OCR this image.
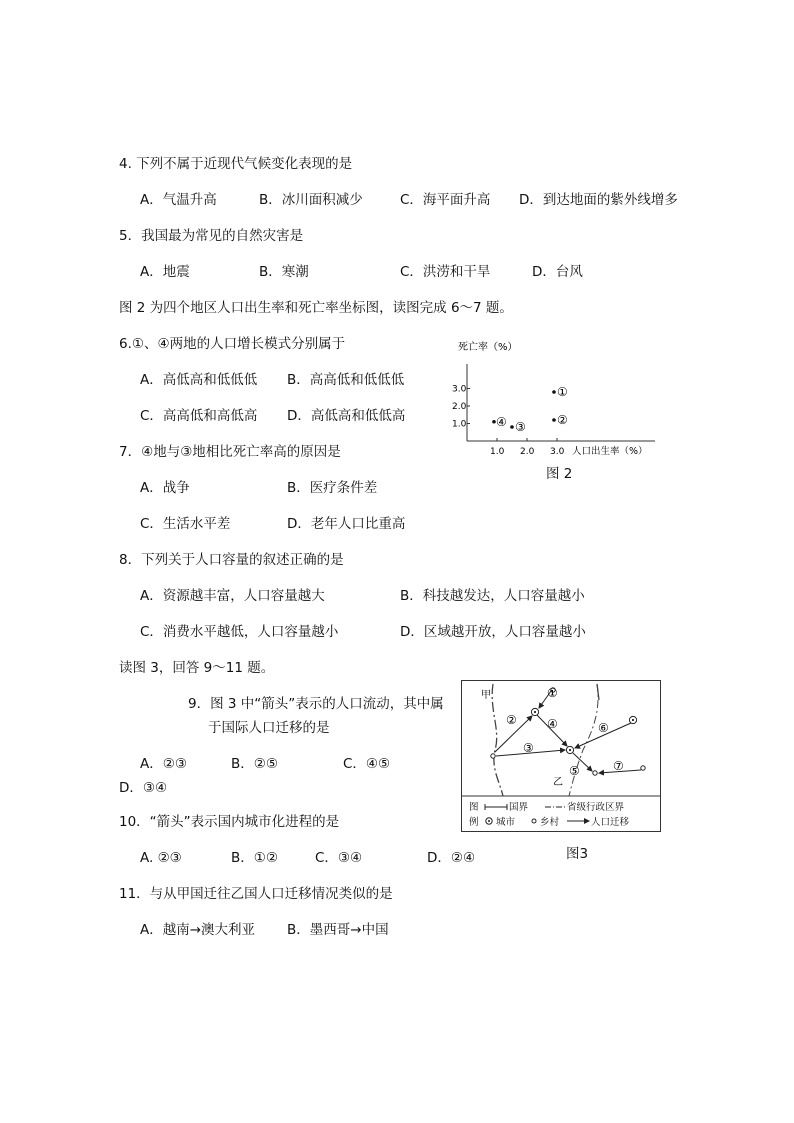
4. 下列不属于近现代气候变化表现的是
A．气温升高	B．冰川面积减少	C．海平面升高 D．到达地面的紫外线增多
5．我国最为常见的自然灾害是
A．地震	B．寒潮	C．洪涝和干旱	D．台风
图 2 为四个地区人口出生率和死亡率坐标图，读图完成 6～7 题。
6.①、④两地的人口增长模式分别属于
A．高低高和低低低 B．高高低和低低低
C．高高低和高低高 D．高低高和低低高
7．④地与③地相比死亡率高的原因是
A．战争	B．医疗条件差
C．生活水平差	D．老年人口比重高
8．下列关于人口容量的叙述正确的是
A．资源越丰富，人口容量越大	B．科技越发达，人口容量越小
C．消费水平越低，人口容量越小	D．区域越开放，人口容量越小
读图 3，回答 9～11 题。
9．图 3 中“箭头”表示的人口流动，其中属
于国际人口迁移的是
A．②③	B．②⑤	C．④⑤
D．③④
10．“箭头”表示国内城市化进程的是
A. ②③	B．①②	C．③④	D．②④
11．与从甲国迁往乙国人口迁移情况类似的是
A．越南→澳大利亚 B．墨西哥→中国
死亡率（%）
人口出生率（%）
1.0
2.0
3.0
1.0 2.0 3.0
①
②
③
④
图 2
甲
乙
①
②
③
④
⑤
⑥
⑦
图
例
国界	省级行政区界
城市	乡村	人口迁移
图3
